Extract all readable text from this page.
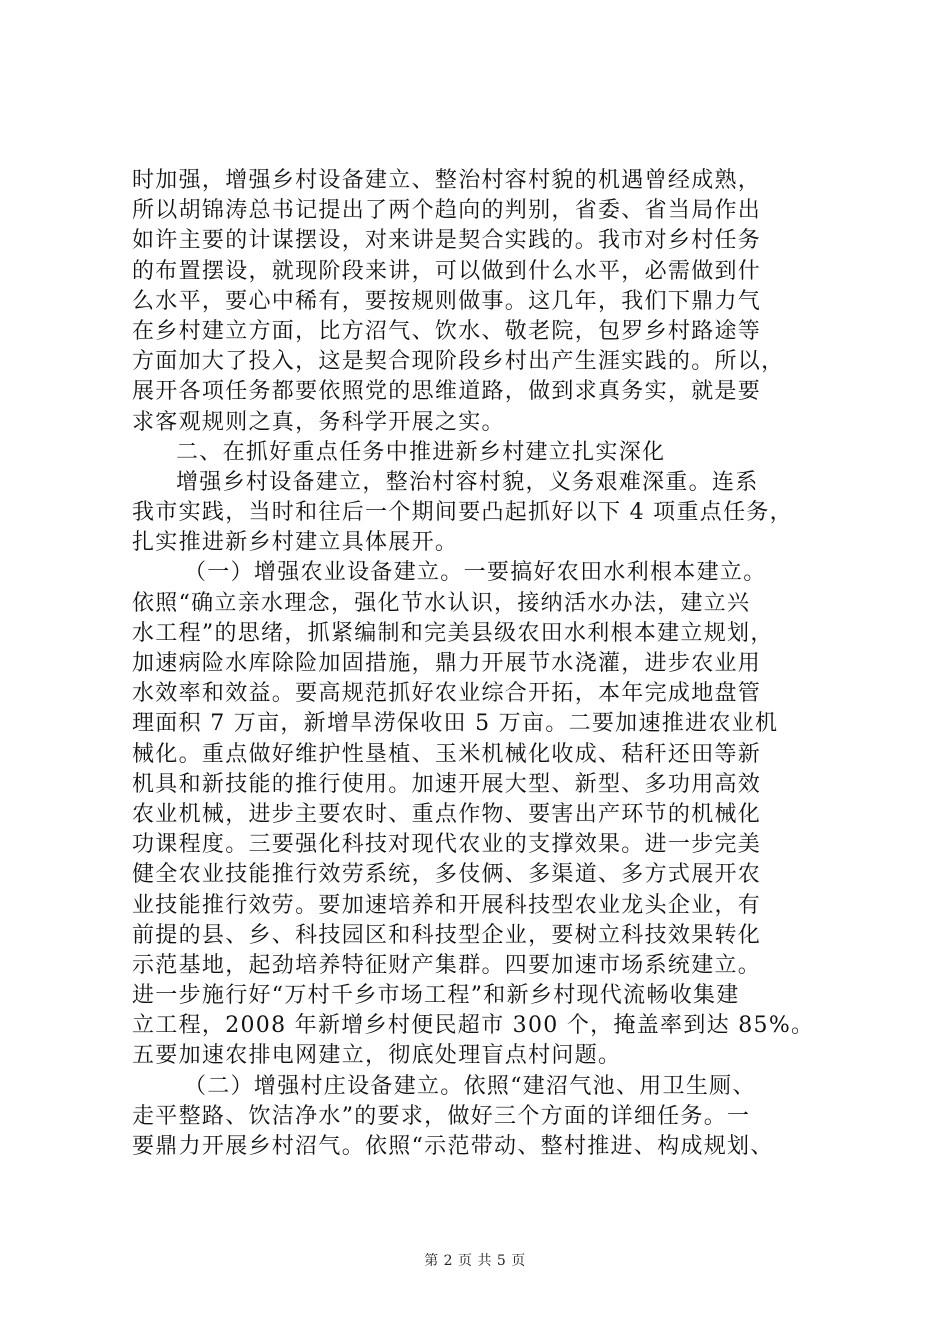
时加强，增强乡村设备建立、整治村容村貌的机遇曾经成熟，
所以胡锦涛总书记提出了两个趋向的判别，省委、省当局作出
如许主要的计谋摆设，对来讲是契合实践的。我市对乡村任务
的布置摆设，就现阶段来讲，可以做到什么水平，必需做到什
么水平，要心中稀有，要按规则做事。这几年，我们下鼎力气
在乡村建立方面，比方沼气、饮水、敬老院，包罗乡村路途等
方面加大了投入，这是契合现阶段乡村出产生涯实践的。所以，
展开各项任务都要依照党的思维道路，做到求真务实，就是要
求客观规则之真，务科学开展之实。
二、在抓好重点任务中推进新乡村建立扎实深化
增强乡村设备建立，整治村容村貌，义务艰难深重。连系
我市实践，当时和往后一个期间要凸起抓好以下 4 项重点任务，
扎实推进新乡村建立具体展开。
（一）增强农业设备建立。一要搞好农田水利根本建立。
依照“确立亲水理念，强化节水认识，接纳活水办法，建立兴
水工程”的思绪，抓紧编制和完美县级农田水利根本建立规划，
加速病险水库除险加固措施，鼎力开展节水浇灌，进步农业用
水效率和效益。要高规范抓好农业综合开拓，本年完成地盘管
理面积 7 万亩，新增旱涝保收田 5 万亩。二要加速推进农业机
械化。重点做好维护性垦植、玉米机械化收成、秸秆还田等新
机具和新技能的推行使用。加速开展大型、新型、多功用高效
农业机械，进步主要农时、重点作物、要害出产环节的机械化
功课程度。三要强化科技对现代农业的支撑效果。进一步完美
健全农业技能推行效劳系统，多伎俩、多渠道、多方式展开农
业技能推行效劳。要加速培养和开展科技型农业龙头企业，有
前提的县、乡、科技园区和科技型企业，要树立科技效果转化
示范基地，起劲培养特征财产集群。四要加速市场系统建立。
进一步施行好“万村千乡市场工程”和新乡村现代流畅收集建
立工程，2008 年新增乡村便民超市 300 个，掩盖率到达 85%。
五要加速农排电网建立，彻底处理盲点村问题。
（二）增强村庄设备建立。依照“建沼气池、用卫生厕、
走平整路、饮洁净水”的要求，做好三个方面的详细任务。一
要鼎力开展乡村沼气。依照“示范带动、整村推进、构成规划、
第 2 页 共 5 页
